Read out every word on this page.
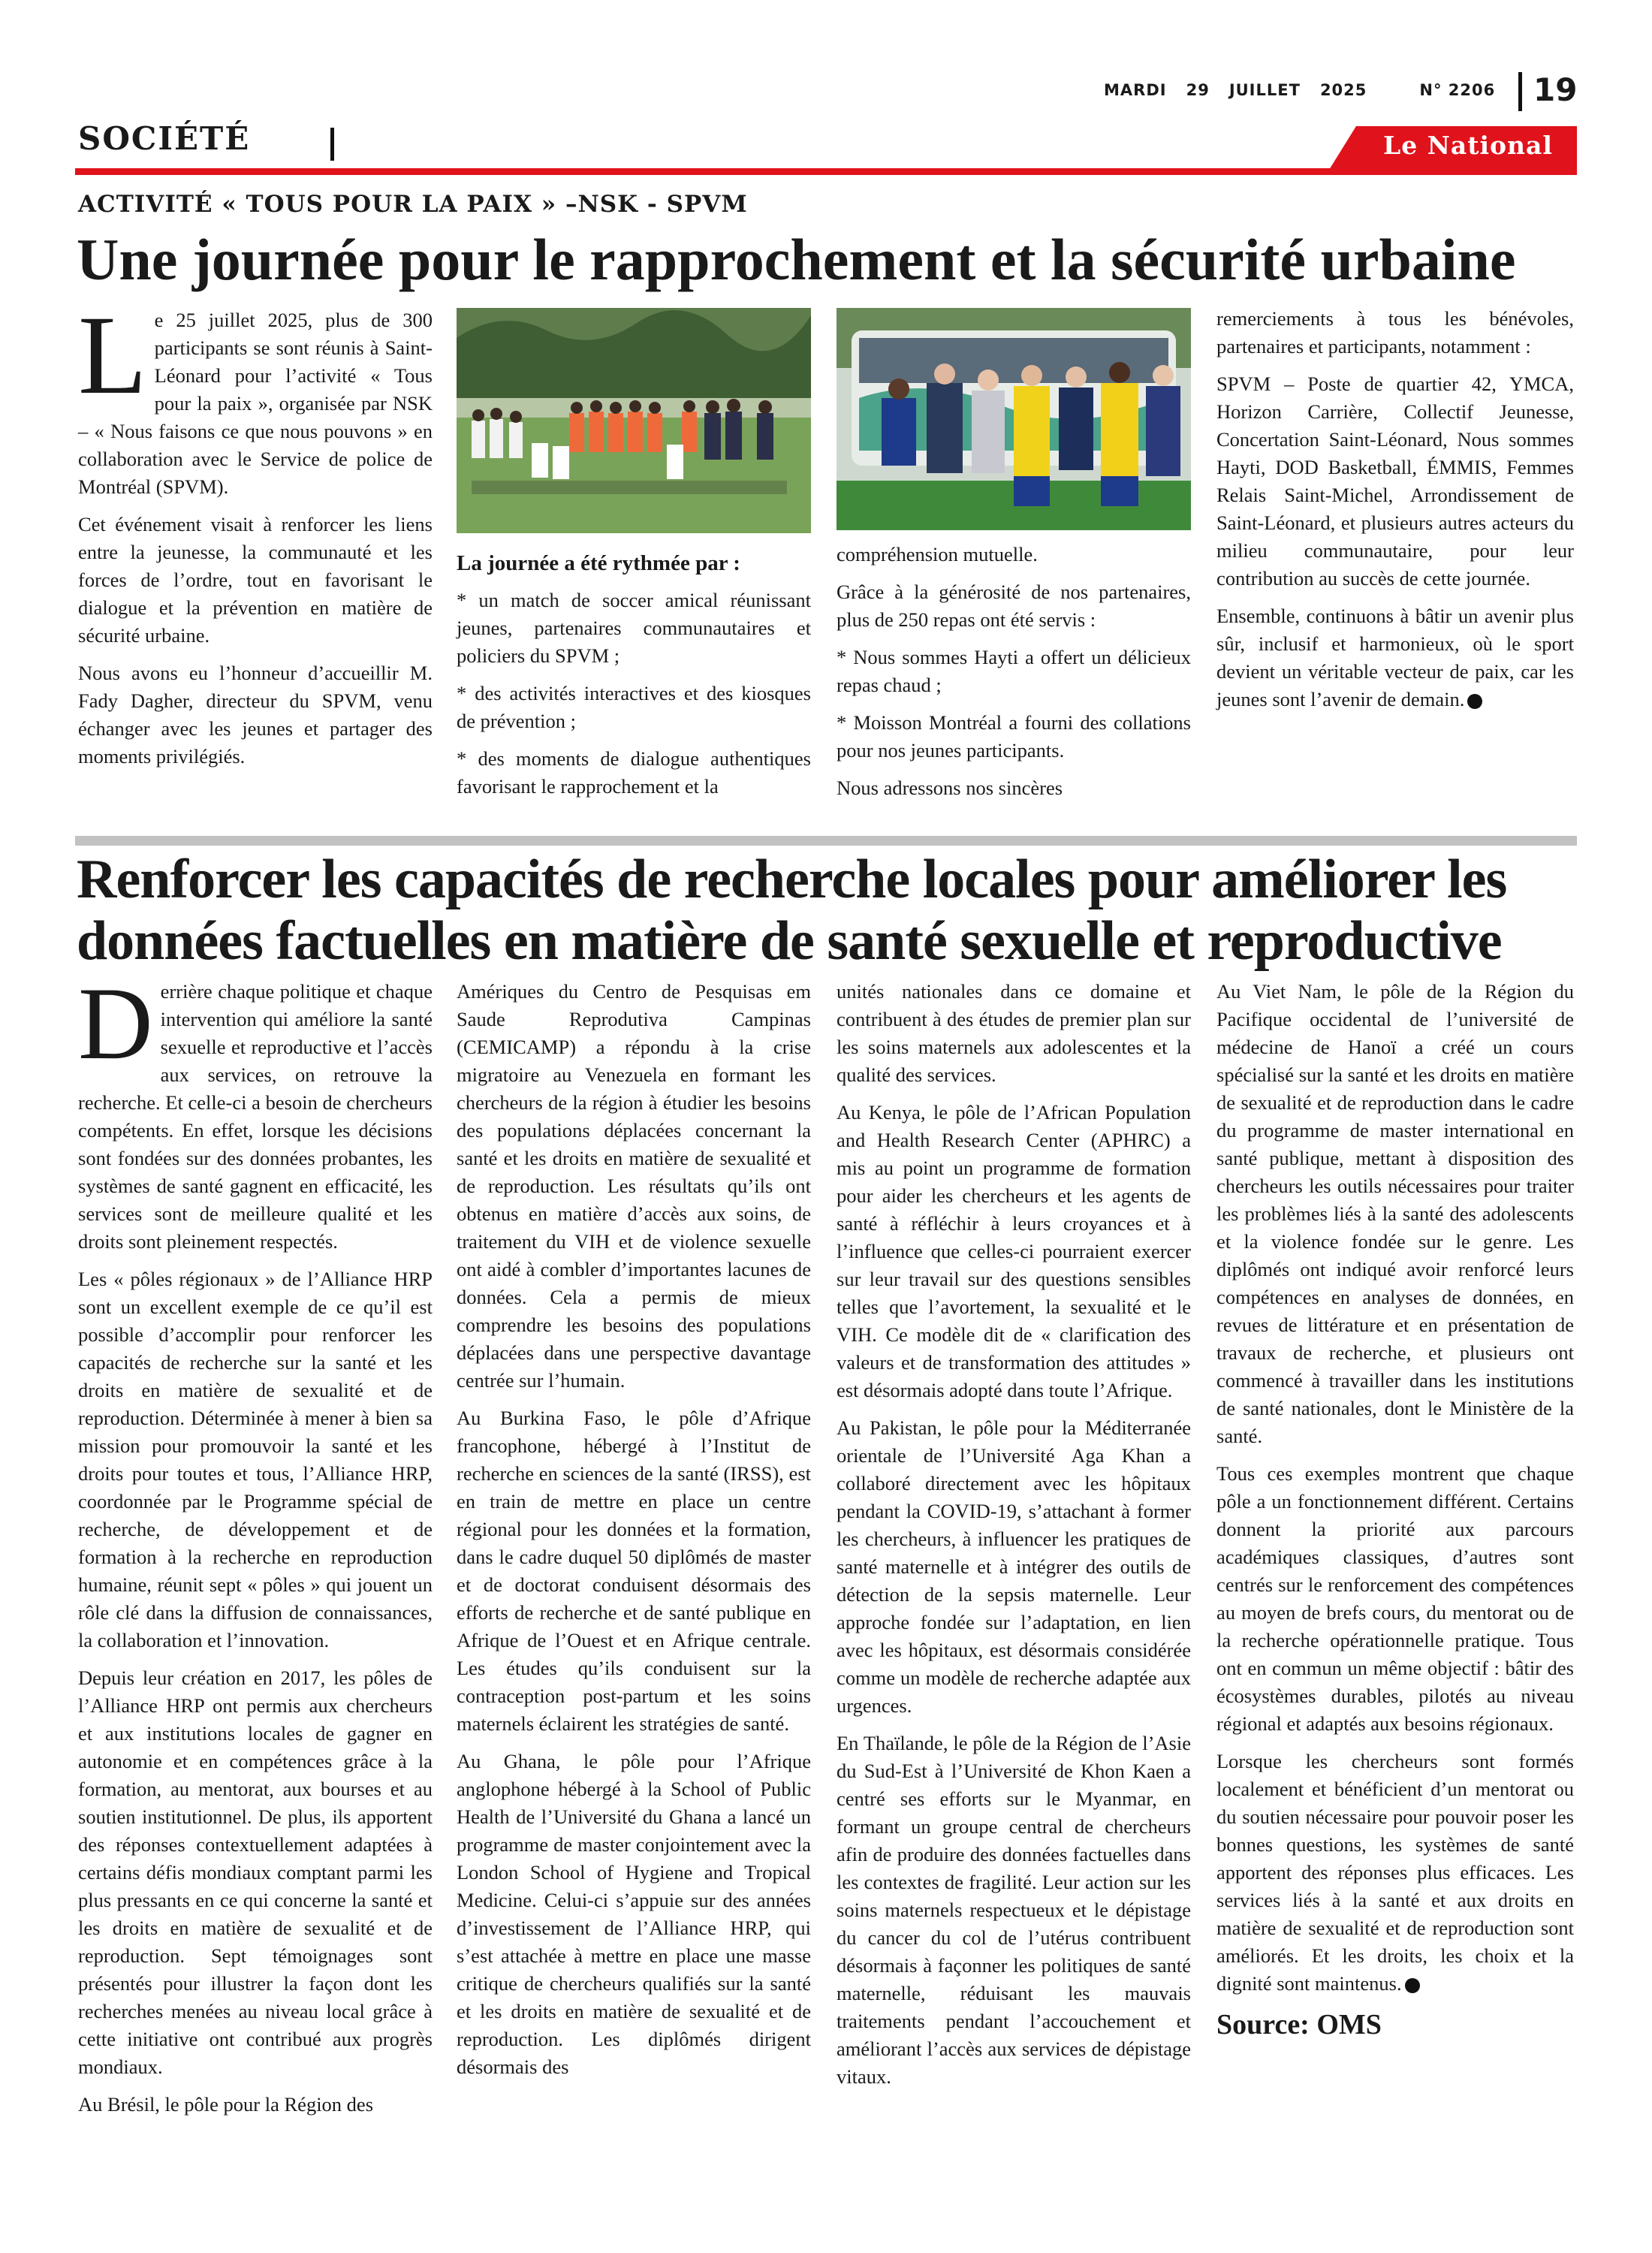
MARDI 29 JUILLET 2025	N° 2206	19
SOCIÉTÉ	Le National
ACTIVITÉ « TOUS POUR LA PAIX » –NSK - SPVM
Une journée pour le rapprochement et la sécurité urbaine
L e 25 juillet 2025, plus de 300 participants se sont réunis à Saint-Léonard pour l’activité « Tous pour la paix », organisée par NSK – « Nous faisons ce que nous pouvons » en collaboration avec le Service de police de Montréal (SPVM).

Cet événement visait à renforcer les liens entre la jeunesse, la communauté et les forces de l’ordre, tout en favorisant le dialogue et la prévention en matière de sécurité urbaine.

Nous avons eu l’honneur d’accueillir M. Fady Dagher, directeur du SPVM, venu échanger avec les jeunes et partager des moments privilégiés.

La journée a été rythmée par :

* un match de soccer amical réunissant jeunes, partenaires communautaires et policiers du SPVM ;

* des activités interactives et des kiosques de prévention ;

* des moments de dialogue authentiques favorisant le rapprochement et la

compréhension mutuelle.

Grâce à la générosité de nos partenaires, plus de 250 repas ont été servis :

* Nous sommes Hayti a offert un délicieux repas chaud ;

* Moisson Montréal a fourni des collations pour nos jeunes participants.

Nous adressons nos sincères

remerciements à tous les bénévoles, partenaires et participants, notamment :

SPVM – Poste de quartier 42, YMCA, Horizon Carrière, Collectif Jeunesse, Concertation Saint-Léonard, Nous sommes Hayti, DOD Basketball, ÉMMIS, Femmes Relais Saint-Michel, Arrondissement de Saint-Léonard, et plusieurs autres acteurs du milieu communautaire, pour leur contribution au succès de cette journée.

Ensemble, continuons à bâtir un avenir plus sûr, inclusif et harmonieux, où le sport devient un véritable vecteur de paix, car les jeunes sont l’avenir de demain.

Renforcer les capacités de recherche locales pour améliorer les
données factuelles en matière de santé sexuelle et reproductive
D errière chaque politique et chaque intervention qui améliore la santé sexuelle et reproductive et l’accès aux services, on retrouve la recherche. Et celle-ci a besoin de chercheurs compétents. En effet, lorsque les décisions sont fondées sur des données probantes, les systèmes de santé gagnent en efficacité, les services sont de meilleure qualité et les droits sont pleinement respectés.

Les « pôles régionaux » de l’Alliance HRP sont un excellent exemple de ce qu’il est possible d’accomplir pour renforcer les capacités de recherche sur la santé et les droits en matière de sexualité et de reproduction. Déterminée à mener à bien sa mission pour promouvoir la santé et les droits pour toutes et tous, l’Alliance HRP, coordonnée par le Programme spécial de recherche, de développement et de formation à la recherche en reproduction humaine, réunit sept « pôles » qui jouent un rôle clé dans la diffusion de connaissances, la collaboration et l’innovation.

Depuis leur création en 2017, les pôles de l’Alliance HRP ont permis aux chercheurs et aux institutions locales de gagner en autonomie et en compétences grâce à la formation, au mentorat, aux bourses et au soutien institutionnel. De plus, ils apportent des réponses contextuellement adaptées à certains défis mondiaux comptant parmi les plus pressants en ce qui concerne la santé et les droits en matière de sexualité et de reproduction. Sept témoignages sont présentés pour illustrer la façon dont les recherches menées au niveau local grâce à cette initiative ont contribué aux progrès mondiaux.

Au Brésil, le pôle pour la Région des

Amériques du Centro de Pesquisas em Saude Reprodutiva Campinas (CEMICAMP) a répondu à la crise migratoire au Venezuela en formant les chercheurs de la région à étudier les besoins des populations déplacées concernant la santé et les droits en matière de sexualité et de reproduction. Les résultats qu’ils ont obtenus en matière d’accès aux soins, de traitement du VIH et de violence sexuelle ont aidé à combler d’importantes lacunes de données. Cela a permis de mieux comprendre les besoins des populations déplacées dans une perspective davantage centrée sur l’humain.

Au Burkina Faso, le pôle d’Afrique francophone, hébergé à l’Institut de recherche en sciences de la santé (IRSS), est en train de mettre en place un centre régional pour les données et la formation, dans le cadre duquel 50 diplômés de master et de doctorat conduisent désormais des efforts de recherche et de santé publique en Afrique de l’Ouest et en Afrique centrale. Les études qu’ils conduisent sur la contraception post-partum et les soins maternels éclairent les stratégies de santé.

Au Ghana, le pôle pour l’Afrique anglophone hébergé à la School of Public Health de l’Université du Ghana a lancé un programme de master conjointement avec la London School of Hygiene and Tropical Medicine. Celui-ci s’appuie sur des années d’investissement de l’Alliance HRP, qui s’est attachée à mettre en place une masse critique de chercheurs qualifiés sur la santé et les droits en matière de sexualité et de reproduction. Les diplômés dirigent désormais des

unités nationales dans ce domaine et contribuent à des études de premier plan sur les soins maternels aux adolescentes et la qualité des services.

Au Kenya, le pôle de l’African Population and Health Research Center (APHRC) a mis au point un programme de formation pour aider les chercheurs et les agents de santé à réfléchir à leurs croyances et à l’influence que celles-ci pourraient exercer sur leur travail sur des questions sensibles telles que l’avortement, la sexualité et le VIH. Ce modèle dit de « clarification des valeurs et de transformation des attitudes » est désormais adopté dans toute l’Afrique.

Au Pakistan, le pôle pour la Méditerranée orientale de l’Université Aga Khan a collaboré directement avec les hôpitaux pendant la COVID-19, s’attachant à former les chercheurs, à influencer les pratiques de santé maternelle et à intégrer des outils de détection de la sepsis maternelle. Leur approche fondée sur l’adaptation, en lien avec les hôpitaux, est désormais considérée comme un modèle de recherche adaptée aux urgences.

En Thaïlande, le pôle de la Région de l’Asie du Sud-Est à l’Université de Khon Kaen a centré ses efforts sur le Myanmar, en formant un groupe central de chercheurs afin de produire des données factuelles dans les contextes de fragilité. Leur action sur les soins maternels respectueux et le dépistage du cancer du col de l’utérus contribuent désormais à façonner les politiques de santé maternelle, réduisant les mauvais traitements pendant l’accouchement et améliorant l’accès aux services de dépistage vitaux.

Au Viet Nam, le pôle de la Région du Pacifique occidental de l’université de médecine de Hanoï a créé un cours spécialisé sur la santé et les droits en matière de sexualité et de reproduction dans le cadre du programme de master international en santé publique, mettant à disposition des chercheurs les outils nécessaires pour traiter les problèmes liés à la santé des adolescents et la violence fondée sur le genre. Les diplômés ont indiqué avoir renforcé leurs compétences en analyses de données, en revues de littérature et en présentation de travaux de recherche, et plusieurs ont commencé à travailler dans les institutions de santé nationales, dont le Ministère de la santé.

Tous ces exemples montrent que chaque pôle a un fonctionnement différent. Certains donnent la priorité aux parcours académiques classiques, d’autres sont centrés sur le renforcement des compétences au moyen de brefs cours, du mentorat ou de la recherche opérationnelle pratique. Tous ont en commun un même objectif : bâtir des écosystèmes durables, pilotés au niveau régional et adaptés aux besoins régionaux.

Lorsque les chercheurs sont formés localement et bénéficient d’un mentorat ou du soutien nécessaire pour pouvoir poser les bonnes questions, les systèmes de santé apportent des réponses plus efficaces. Les services liés à la santé et aux droits en matière de sexualité et de reproduction sont améliorés. Et les droits, les choix et la dignité sont maintenus.

Source: OMS
